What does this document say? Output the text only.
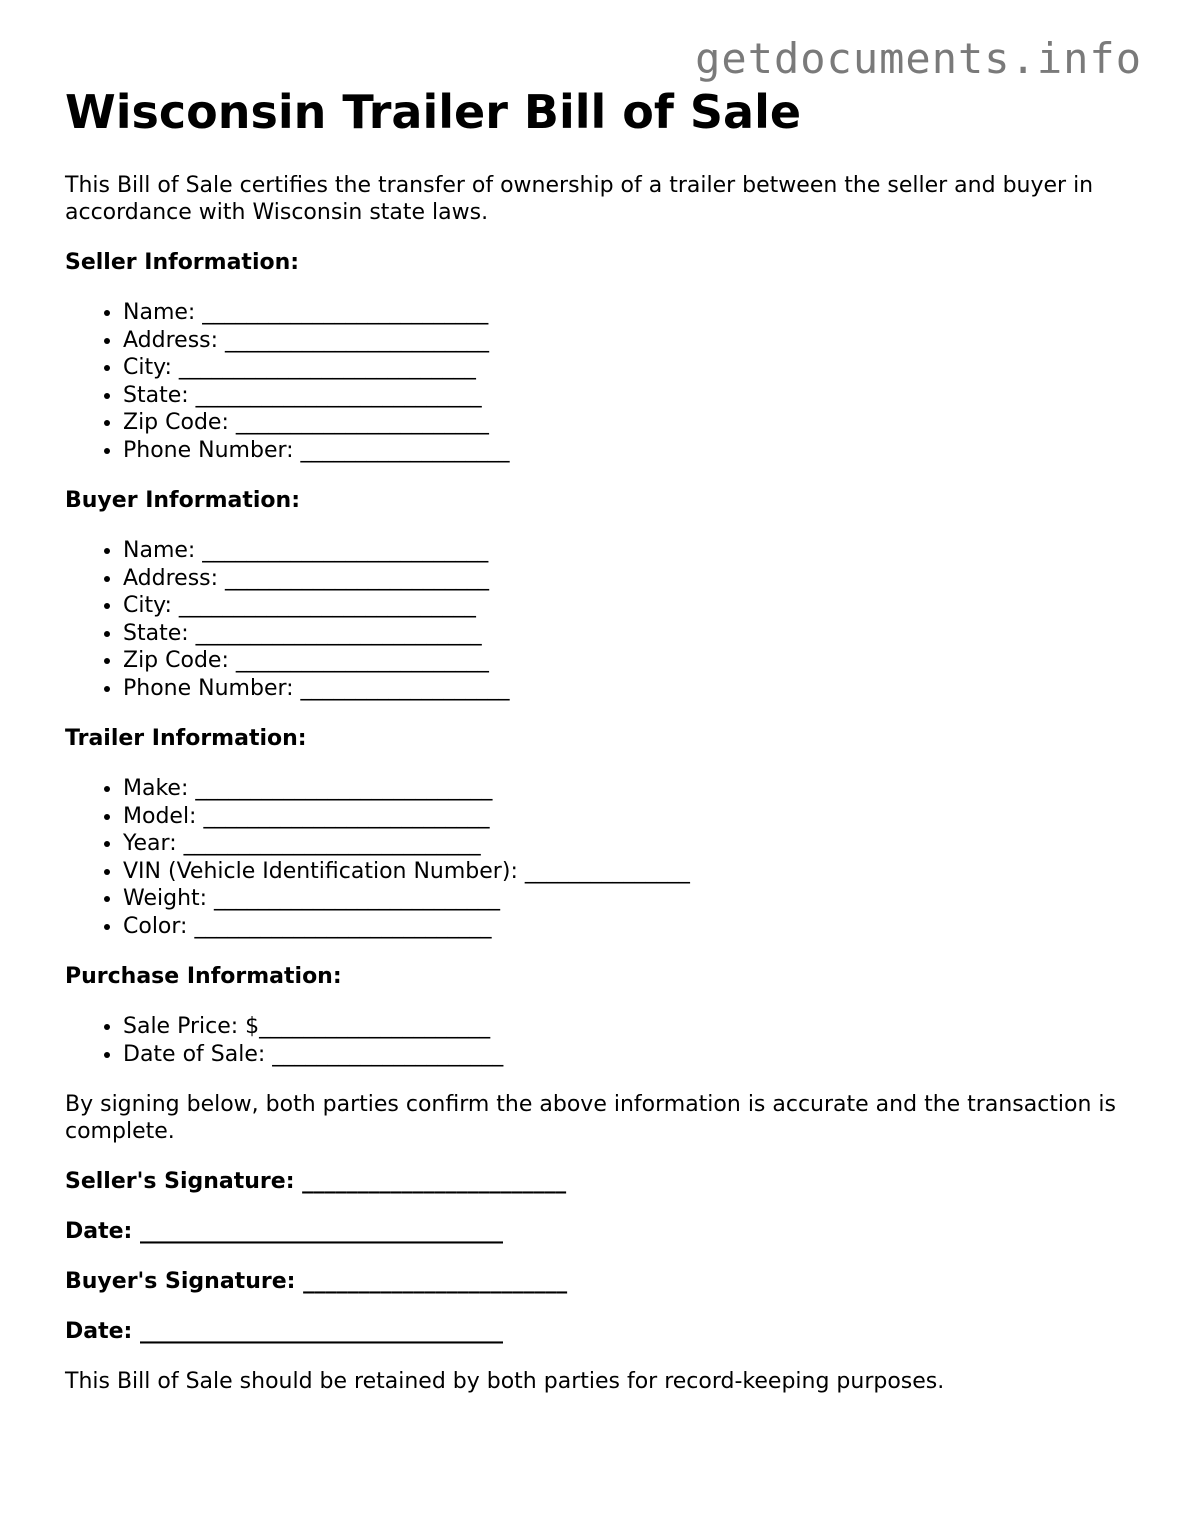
getdocuments.info
Wisconsin Trailer Bill of Sale

This Bill of Sale certifies the transfer of ownership of a trailer between the seller and buyer in accordance with Wisconsin state laws.

Seller Information:
• Name: __________________________
• Address: ________________________
• City: ___________________________
• State: __________________________
• Zip Code: _______________________
• Phone Number: ___________________
Buyer Information:
• Name: __________________________
• Address: ________________________
• City: ___________________________
• State: __________________________
• Zip Code: _______________________
• Phone Number: ___________________
Trailer Information:
• Make: ___________________________
• Model: __________________________
• Year: ___________________________
• VIN (Vehicle Identification Number): _______________
• Weight: __________________________
• Color: ___________________________
Purchase Information:
• Sale Price: $_____________________
• Date of Sale: _____________________

By signing below, both parties confirm the above information is accurate and the transaction is complete.

Seller's Signature: ________________________
Date: _________________________________
Buyer's Signature: ________________________
Date: _________________________________

This Bill of Sale should be retained by both parties for record-keeping purposes.
